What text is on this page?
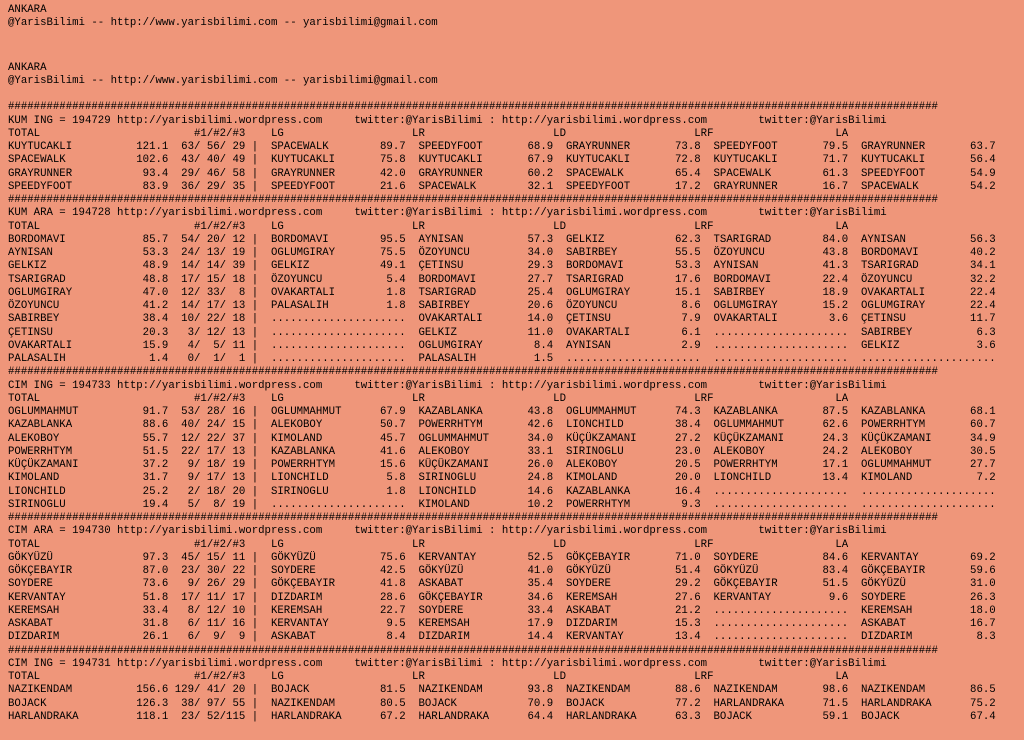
ANKARA
@YarisBilimi -- http://www.yarisbilimi.com -- yarisbilimi@gmail.com
ANKARA
@YarisBilimi -- http://www.yarisbilimi.com -- yarisbilimi@gmail.com

#################################################################################################################################################
KUM ING = 194729 http://yarisbilimi.wordpress.com     twitter:@YarisBilimi : http://yarisbilimi.wordpress.com        twitter:@YarisBilimi
TOTAL                        #1/#2/#3    LG                    LR                    LD                    LRF                   LA
KUYTUCAKLI          121.1  63/ 56/ 29 |  SPACEWALK        89.7  SPEEDYFOOT       68.9  GRAYRUNNER       73.8  SPEEDYFOOT       79.5  GRAYRUNNER       63.7
SPACEWALK           102.6  43/ 40/ 49 |  KUYTUCAKLI       75.8  KUYTUCAKLI       67.9  KUYTUCAKLI       72.8  KUYTUCAKLI       71.7  KUYTUCAKLI       56.4
GRAYRUNNER           93.4  29/ 46/ 58 |  GRAYRUNNER       42.0  GRAYRUNNER       60.2  SPACEWALK        65.4  SPACEWALK        61.3  SPEEDYFOOT       54.9
SPEEDYFOOT           83.9  36/ 29/ 35 |  SPEEDYFOOT       21.6  SPACEWALK        32.1  SPEEDYFOOT       17.2  GRAYRUNNER       16.7  SPACEWALK        54.2
#################################################################################################################################################
KUM ARA = 194728 http://yarisbilimi.wordpress.com     twitter:@YarisBilimi : http://yarisbilimi.wordpress.com        twitter:@YarisBilimi
TOTAL                        #1/#2/#3    LG                    LR                    LD                    LRF                   LA
BORDOMAVI            85.7  54/ 20/ 12 |  BORDOMAVI        95.5  AYNISAN          57.3  GELKIZ           62.3  TSARIGRAD        84.0  AYNISAN          56.3
AYNISAN              53.3  24/ 13/ 19 |  OGLUMGIRAY       75.5  ÖZOYUNCU         34.0  SABIRBEY         55.5  ÖZOYUNCU         43.8  BORDOMAVI        40.2
GELKIZ               48.9  14/ 14/ 39 |  GELKIZ           49.1  ÇETINSU          29.3  BORDOMAVI        53.3  AYNISAN          41.3  TSARIGRAD        34.1
TSARIGRAD            48.8  17/ 15/ 18 |  ÖZOYUNCU          5.4  BORDOMAVI        27.7  TSARIGRAD        17.6  BORDOMAVI        22.4  ÖZOYUNCU         32.2
OGLUMGIRAY           47.0  12/ 33/  8 |  OVAKARTALI        1.8  TSARIGRAD        25.4  OGLUMGIRAY       15.1  SABIRBEY         18.9  OVAKARTALI       22.4
ÖZOYUNCU             41.2  14/ 17/ 13 |  PALASALIH         1.8  SABIRBEY         20.6  ÖZOYUNCU          8.6  OGLUMGIRAY       15.2  OGLUMGIRAY       22.4
SABIRBEY             38.4  10/ 22/ 18 |  .....................  OVAKARTALI       14.0  ÇETINSU           7.9  OVAKARTALI        3.6  ÇETINSU          11.7
ÇETINSU              20.3   3/ 12/ 13 |  .....................  GELKIZ           11.0  OVAKARTALI        6.1  .....................  SABIRBEY          6.3
OVAKARTALI           15.9   4/  5/ 11 |  .....................  OGLUMGIRAY        8.4  AYNISAN           2.9  .....................  GELKIZ            3.6
PALASALIH             1.4   0/  1/  1 |  .....................  PALASALIH         1.5  .....................  .....................  .....................
#################################################################################################################################################
CIM ING = 194733 http://yarisbilimi.wordpress.com     twitter:@YarisBilimi : http://yarisbilimi.wordpress.com        twitter:@YarisBilimi
TOTAL                        #1/#2/#3    LG                    LR                    LD                    LRF                   LA
OGLUMMAHMUT          91.7  53/ 28/ 16 |  OGLUMMAHMUT      67.9  KAZABLANKA       43.8  OGLUMMAHMUT      74.3  KAZABLANKA       87.5  KAZABLANKA       68.1
KAZABLANKA           88.6  40/ 24/ 15 |  ALEKOBOY         50.7  POWERRHTYM       42.6  LIONCHILD        38.4  OGLUMMAHMUT      62.6  POWERRHTYM       60.7
ALEKOBOY             55.7  12/ 22/ 37 |  KIMOLAND         45.7  OGLUMMAHMUT      34.0  KÜÇÜKZAMANI      27.2  KÜÇÜKZAMANI      24.3  KÜÇÜKZAMANI      34.9
POWERRHTYM           51.5  22/ 17/ 13 |  KAZABLANKA       41.6  ALEKOBOY         33.1  SIRINOGLU        23.0  ALEKOBOY         24.2  ALEKOBOY         30.5
KÜÇÜKZAMANI          37.2   9/ 18/ 19 |  POWERRHTYM       15.6  KÜÇÜKZAMANI      26.0  ALEKOBOY         20.5  POWERRHTYM       17.1  OGLUMMAHMUT      27.7
KIMOLAND             31.7   9/ 17/ 13 |  LIONCHILD         5.8  SIRINOGLU        24.8  KIMOLAND         20.0  LIONCHILD        13.4  KIMOLAND          7.2
LIONCHILD            25.2   2/ 18/ 20 |  SIRINOGLU         1.8  LIONCHILD        14.6  KAZABLANKA       16.4  .....................  .....................
SIRINOGLU            19.4   5/  8/ 19 |  .....................  KIMOLAND         10.2  POWERRHTYM        9.3  .....................  .....................
#################################################################################################################################################
CIM ARA = 194730 http://yarisbilimi.wordpress.com     twitter:@YarisBilimi : http://yarisbilimi.wordpress.com        twitter:@YarisBilimi
TOTAL                        #1/#2/#3    LG                    LR                    LD                    LRF                   LA
GÖKYÜZÜ              97.3  45/ 15/ 11 |  GÖKYÜZÜ          75.6  KERVANTAY        52.5  GÖKÇEBAYIR       71.0  SOYDERE          84.6  KERVANTAY        69.2
GÖKÇEBAYIR           87.0  23/ 30/ 22 |  SOYDERE          42.5  GÖKYÜZÜ          41.0  GÖKYÜZÜ          51.4  GÖKYÜZÜ          83.4  GÖKÇEBAYIR       59.6
SOYDERE              73.6   9/ 26/ 29 |  GÖKÇEBAYIR       41.8  ASKABAT          35.4  SOYDERE          29.2  GÖKÇEBAYIR       51.5  GÖKYÜZÜ          31.0
KERVANTAY            51.8  17/ 11/ 17 |  DIZDARIM         28.6  GÖKÇEBAYIR       34.6  KEREMSAH         27.6  KERVANTAY         9.6  SOYDERE          26.3
KEREMSAH             33.4   8/ 12/ 10 |  KEREMSAH         22.7  SOYDERE          33.4  ASKABAT          21.2  .....................  KEREMSAH         18.0
ASKABAT              31.8   6/ 11/ 16 |  KERVANTAY         9.5  KEREMSAH         17.9  DIZDARIM         15.3  .....................  ASKABAT          16.7
DIZDARIM             26.1   6/  9/  9 |  ASKABAT           8.4  DIZDARIM         14.4  KERVANTAY        13.4  .....................  DIZDARIM          8.3
#################################################################################################################################################
CIM ING = 194731 http://yarisbilimi.wordpress.com     twitter:@YarisBilimi : http://yarisbilimi.wordpress.com        twitter:@YarisBilimi
TOTAL                        #1/#2/#3    LG                    LR                    LD                    LRF                   LA
NAZIKENDAM          156.6 129/ 41/ 20 |  BOJACK           81.5  NAZIKENDAM       93.8  NAZIKENDAM       88.6  NAZIKENDAM       98.6  NAZIKENDAM       86.5
BOJACK              126.3  38/ 97/ 55 |  NAZIKENDAM       80.5  BOJACK           70.9  BOJACK           77.2  HARLANDRAKA      71.5  HARLANDRAKA      75.2
HARLANDRAKA         118.1  23/ 52/115 |  HARLANDRAKA      67.2  HARLANDRAKA      64.4  HARLANDRAKA      63.3  BOJACK           59.1  BOJACK           67.4
